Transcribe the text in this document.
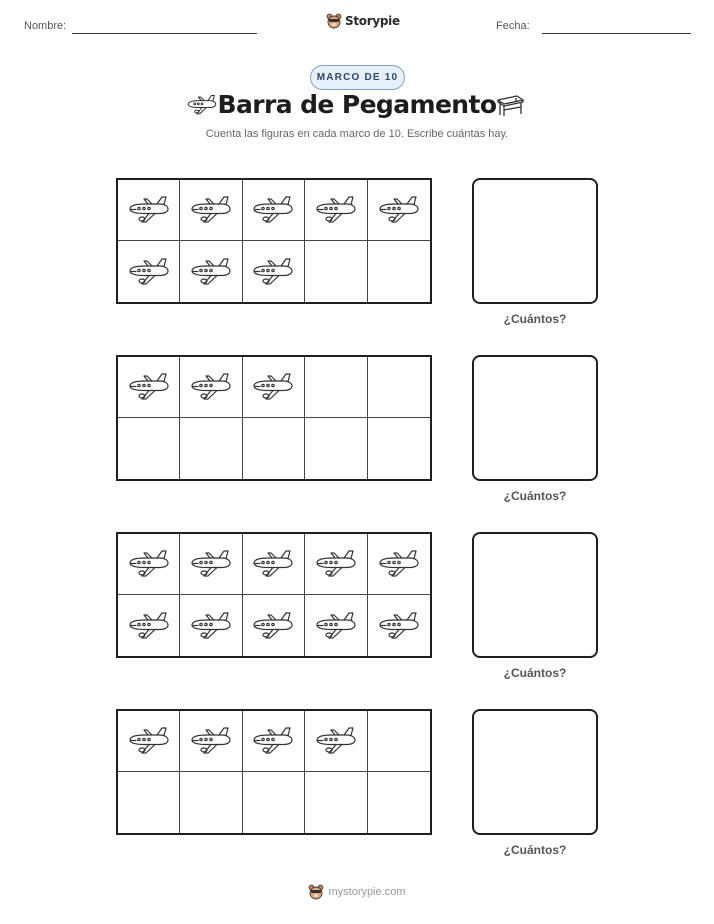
Nombre:	Storypie	Fecha:
MARCO DE 10
Barra de Pegamento
Cuenta las figuras en cada marco de 10. Escribe cuántas hay.
¿Cuántos?
¿Cuántos?
¿Cuántos?
¿Cuántos?
mystorypie.com
